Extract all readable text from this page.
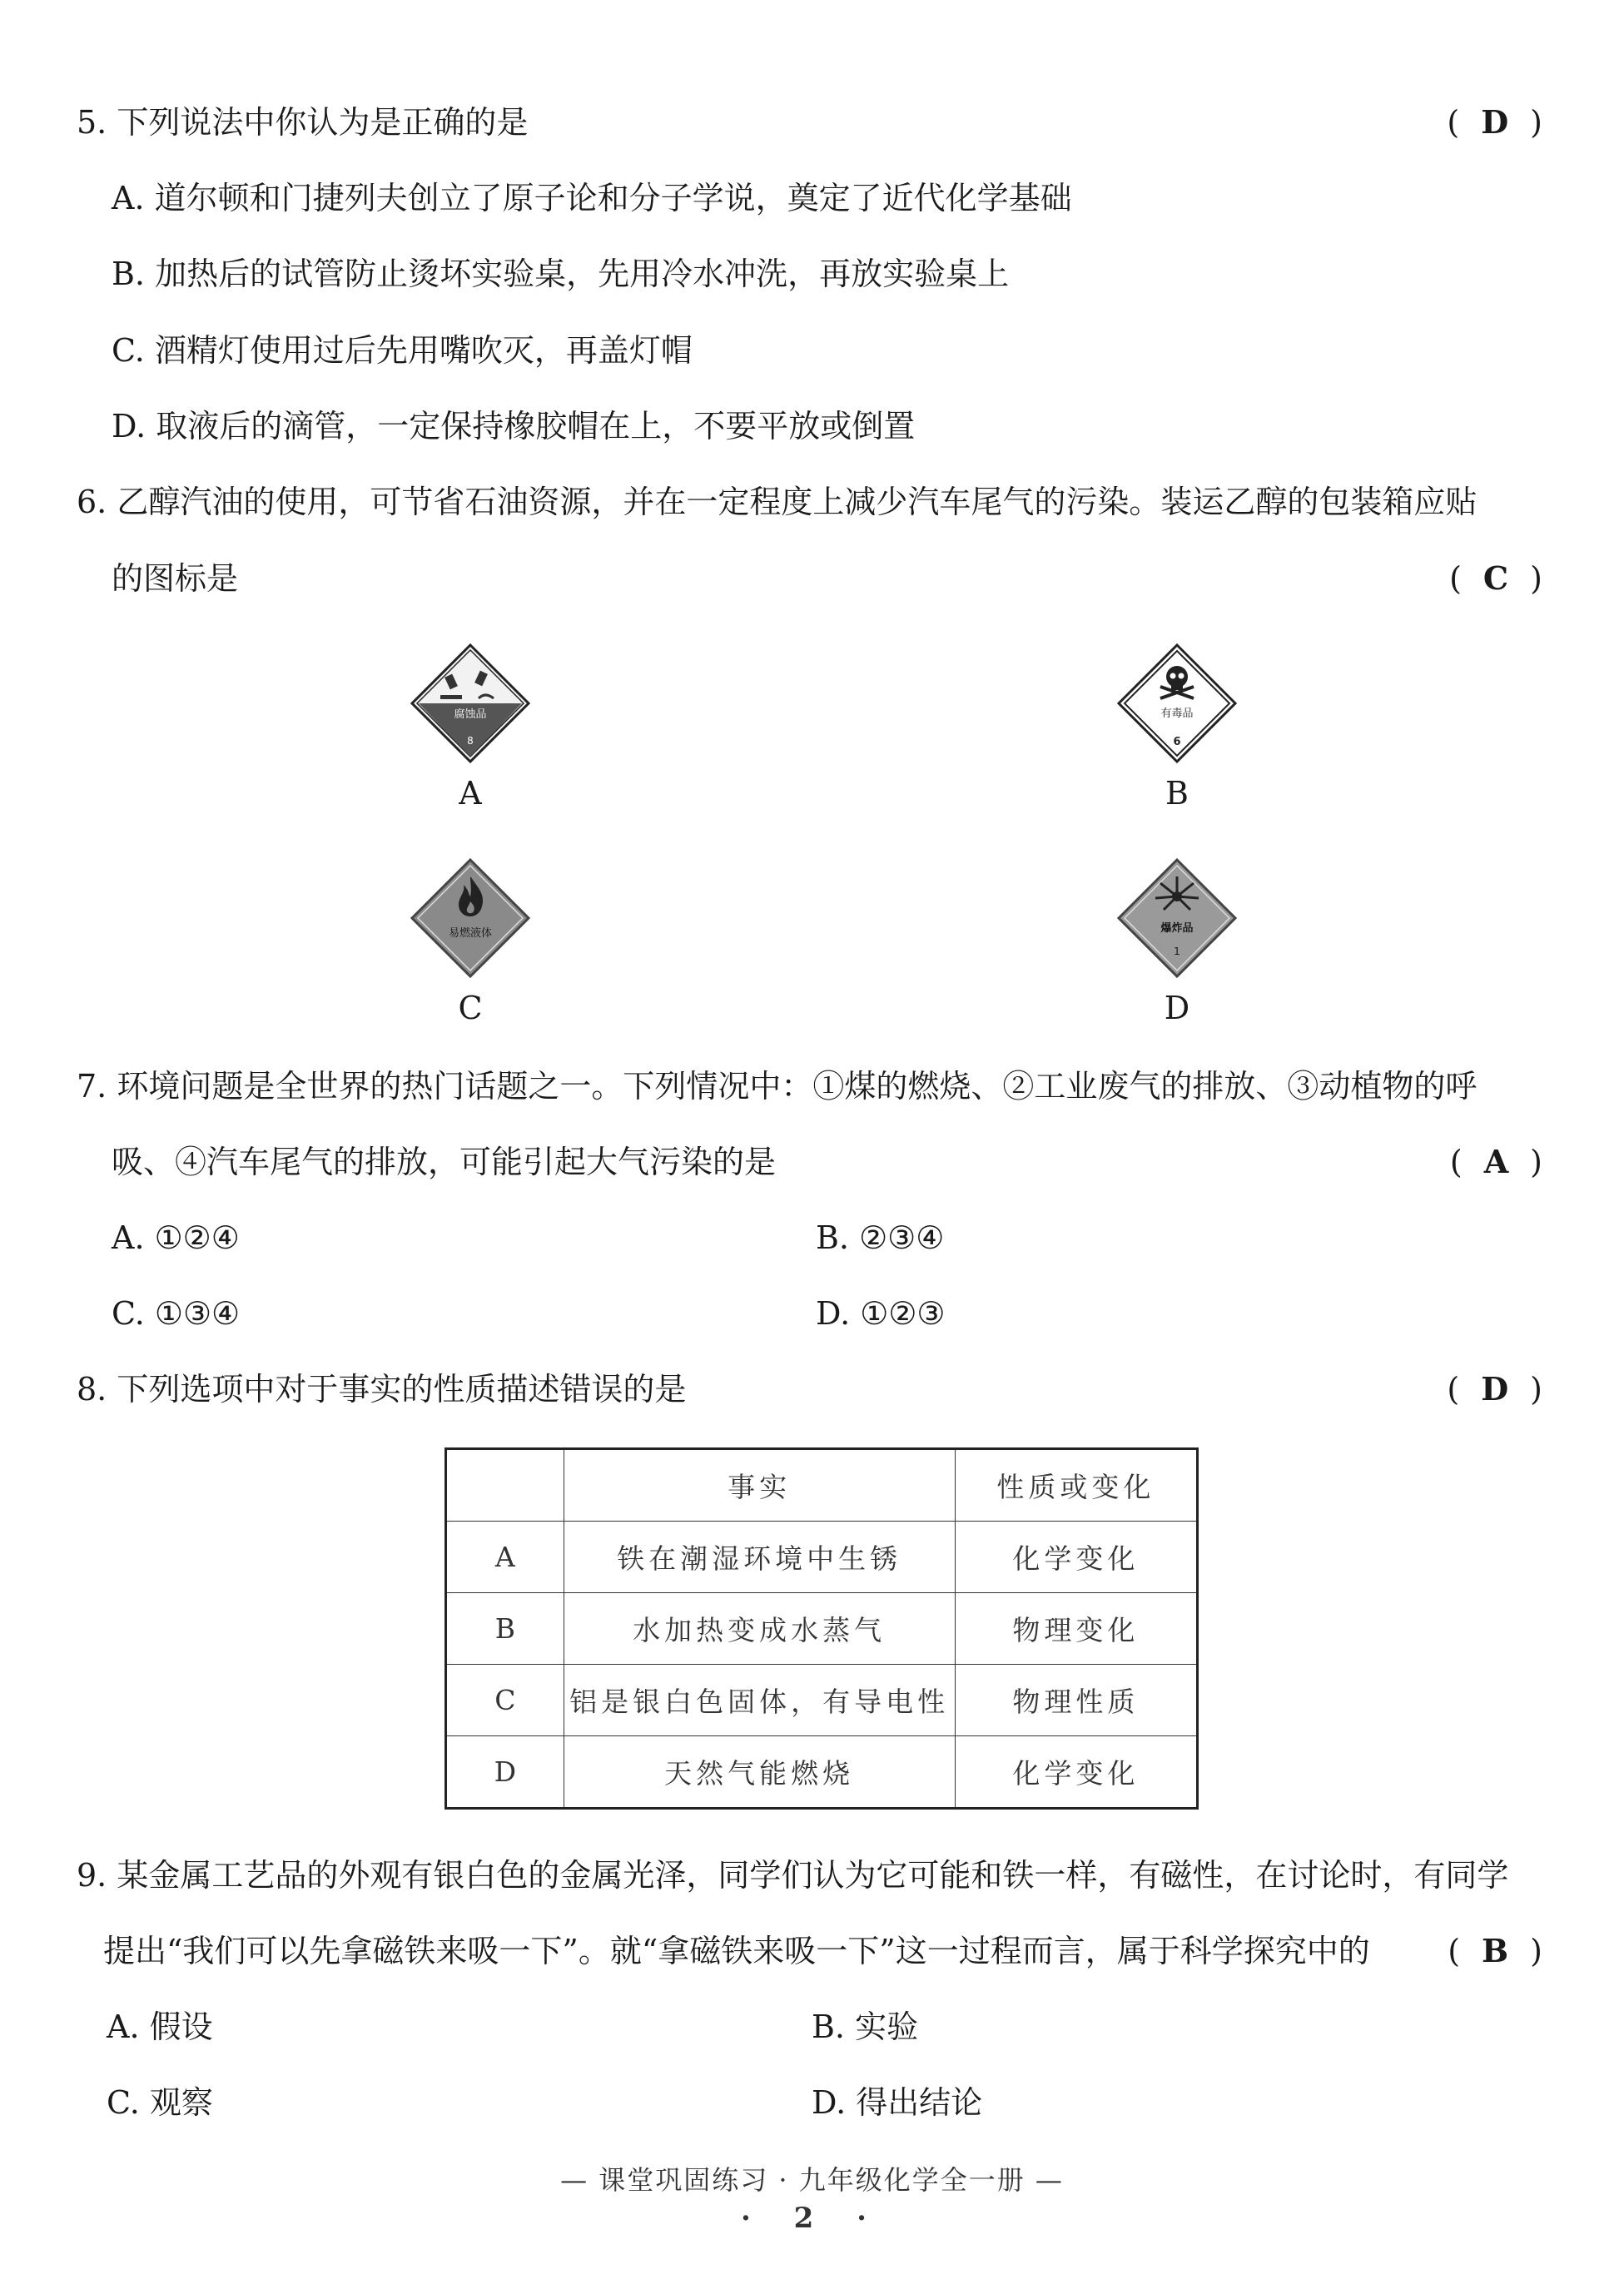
5. 下列说法中你认为是正确的是	( D )
A. 道尔顿和门捷列夫创立了原子论和分子学说，奠定了近代化学基础
B. 加热后的试管防止烫坏实验桌，先用冷水冲洗，再放实验桌上
C. 酒精灯使用过后先用嘴吹灭，再盖灯帽
D. 取液后的滴管，一定保持橡胶帽在上，不要平放或倒置
6. 乙醇汽油的使用，可节省石油资源，并在一定程度上减少汽车尾气的污染。装运乙醇的包装箱应贴
的图标是	( C )
腐蚀品
8
A
有毒品
6
B
易燃液体
C
爆炸品
1
D
7. 环境问题是全世界的热门话题之一。下列情况中：①煤的燃烧、②工业废气的排放、③动植物的呼
吸、④汽车尾气的排放，可能引起大气污染的是	( A )
A. ①②④	B. ②③④
C. ①③④	D. ①②③
8. 下列选项中对于事实的性质描述错误的是	( D )
	事实	性质或变化
A	铁在潮湿环境中生锈	化学变化
B	水加热变成水蒸气	物理变化
C	铝是银白色固体，有导电性	物理性质
D	天然气能燃烧	化学变化
9. 某金属工艺品的外观有银白色的金属光泽，同学们认为它可能和铁一样，有磁性，在讨论时，有同学
提出“我们可以先拿磁铁来吸一下”。就“拿磁铁来吸一下”这一过程而言，属于科学探究中的 ( B )
A. 假设	B. 实验
C. 观察	D. 得出结论
— 课堂巩固练习 · 九年级化学全一册 —
· 2 ·
